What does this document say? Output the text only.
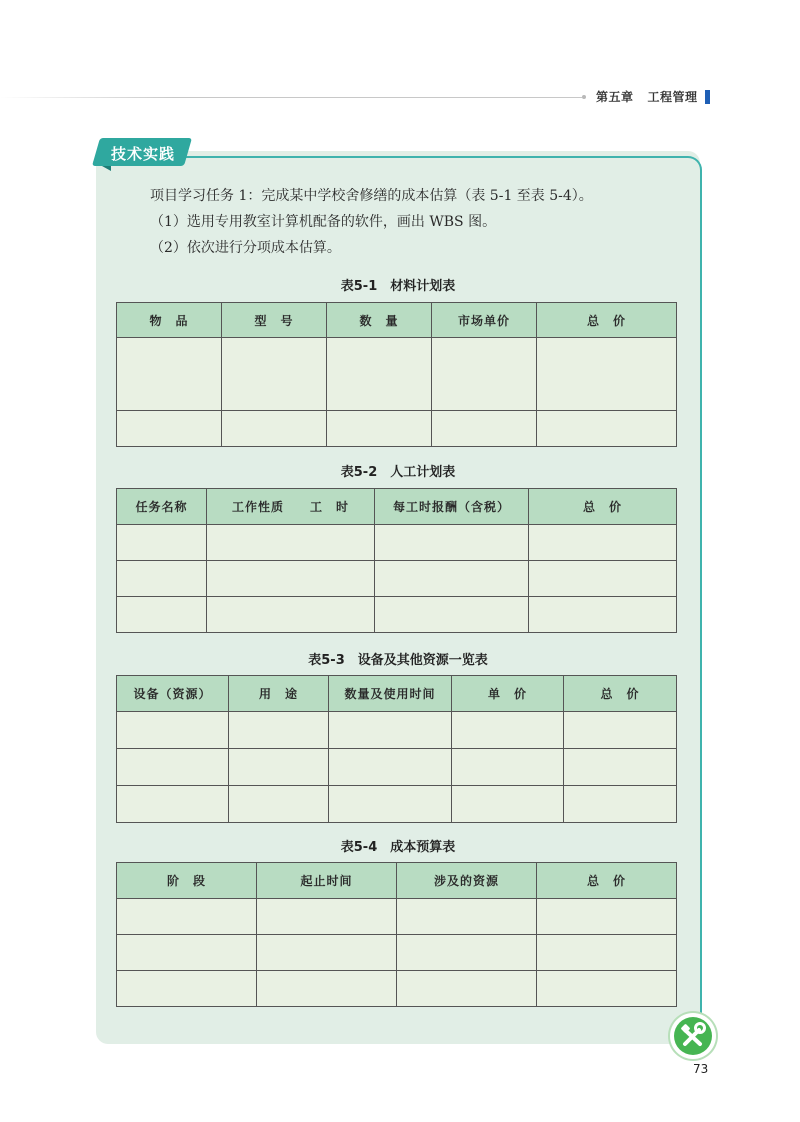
第五章 工程管理
技术实践
项目学习任务 1：完成某中学校舍修缮的成本估算（表 5-1 至表 5-4）。
（1）选用专用教室计算机配备的软件，画出 WBS 图。
（2）依次进行分项成本估算。
表5-1　材料计划表
物　品	型　号	数　量	市场单价	总　价

表5-2　人工计划表
任务名称	工作性质　　工　时	每工时报酬（含税）	总　价

表5-3　设备及其他资源一览表
设备（资源）	用　途	数量及使用时间	单　价	总　价

表5-4　成本预算表
阶　段	起止时间	涉及的资源	总　价

73
